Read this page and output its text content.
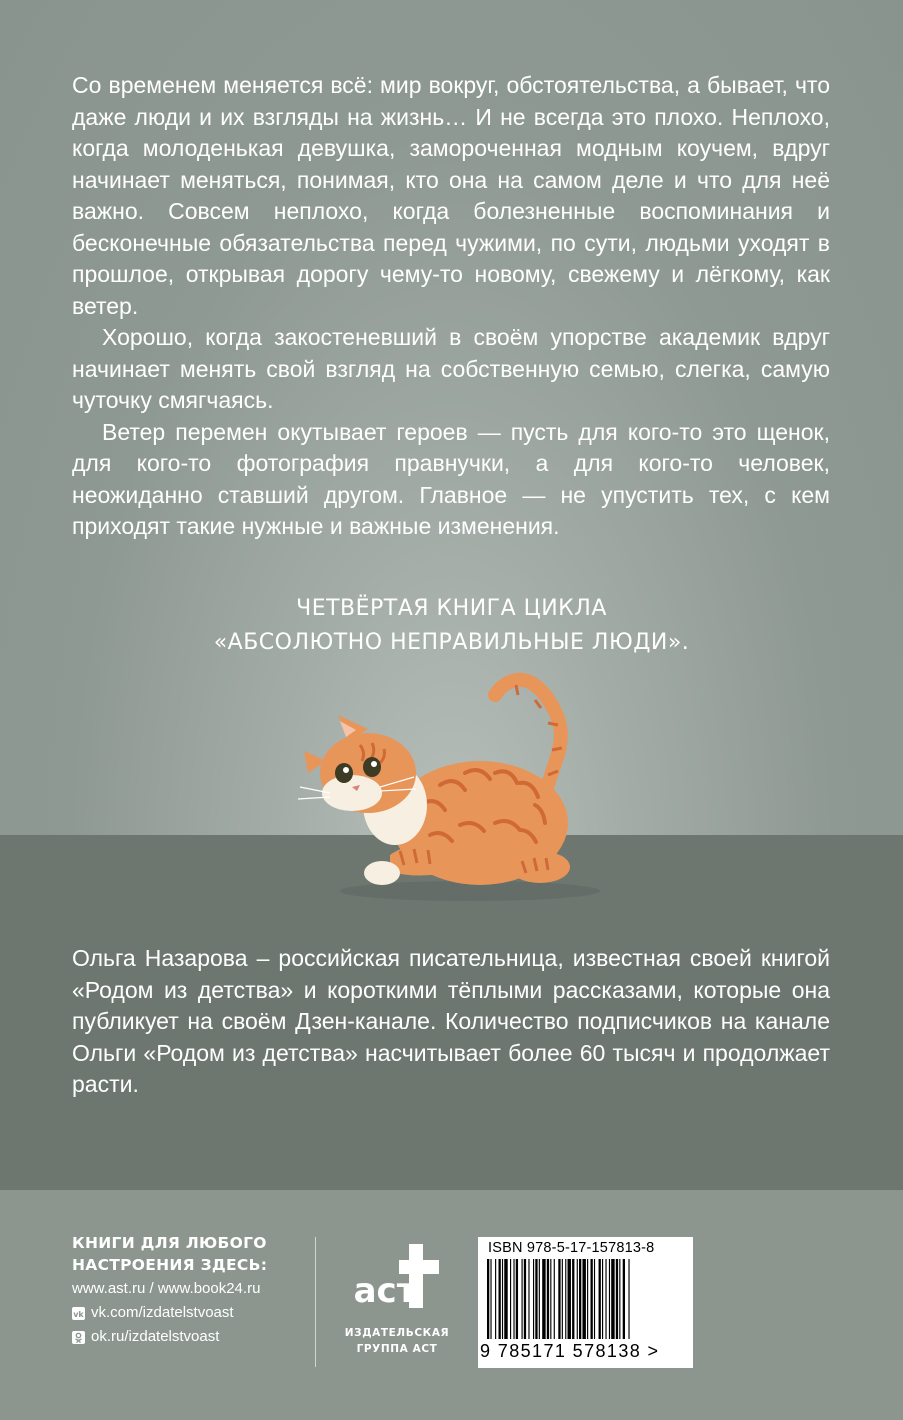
Со временем меняется всё: мир вокруг, обстоятельства, а бывает, что даже люди и их взгляды на жизнь… И не всегда это плохо. Неплохо, когда молоденькая девушка, замороченная модным коучем, вдруг начинает меняться, понимая, кто она на самом деле и что для неё важно. Совсем неплохо, когда болезненные воспоминания и бесконечные обязательства перед чужими, по сути, людьми уходят в прошлое, открывая дорогу чему-то новому, свежему и лёгкому, как ветер.

Хорошо, когда закостеневший в своём упорстве академик вдруг начинает менять свой взгляд на собственную семью, слегка, самую чуточку смягчаясь.

Ветер перемен окутывает героев — пусть для кого-то это щенок, для кого-то фотография правнучки, а для кого-то человек, неожиданно ставший другом. Главное — не упустить тех, с кем приходят такие нужные и важные изменения.

ЧЕТВЁРТАЯ КНИГА ЦИКЛА
«АБСОЛЮТНО НЕПРАВИЛЬНЫЕ ЛЮДИ».

Ольга Назарова – российская писательница, известная своей книгой «Родом из детства» и короткими тёплыми рассказами, которые она публикует на своём Дзен-канале. Количество подписчиков на канале Ольги «Родом из детства» насчитывает более 60 тысяч и продолжает расти.

КНИГИ ДЛЯ ЛЮБОГО
НАСТРОЕНИЯ ЗДЕСЬ:
www.ast.ru / www.book24.ru
vk vk.com/izdatelstvoast
ok.ru/izdatelstvoast
аст
ИЗДАТЕЛЬСКАЯ
ГРУППА АСТ
ISBN 978-5-17-157813-8
9 785171 578138 >
